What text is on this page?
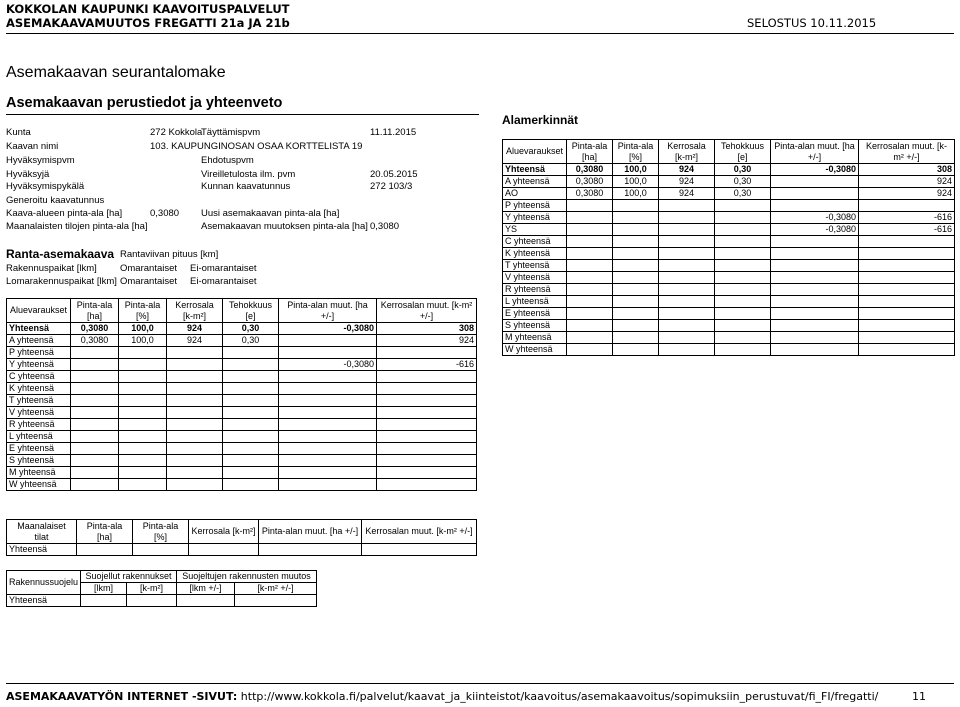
KOKKOLAN KAUPUNKI KAAVOITUSPALVELUT
ASEMAKAAVAMUUTOS FREGATTI 21a JA 21b	SELOSTUS 10.11.2015
Asemakaavan seurantalomake
Asemakaavan perustiedot ja yhteenveto
Kunta	272 Kokkola
Täyttämispvm	11.11.2015
Kaavan nimi	103. KAUPUNGINOSAN OSAA KORTTELISTA 19
Hyväksymispvm	Ehdotuspvm
Hyväksyjä	Vireilletulosta ilm. pvm	20.05.2015
Hyväksymispykälä	Kunnan kaavatunnus	272 103/3
Generoitu kaavatunnus
Kaava-alueen pinta-ala [ha]	0,3080 Uusi asemakaavan pinta-ala [ha]
Maanalaisten tilojen pinta-ala [ha]	Asemakaavan muutoksen pinta-ala [ha] 0,3080
Ranta-asemakaava Rantaviivan pituus [km]
Rakennuspaikat [lkm] Omarantaiset Ei-omarantaiset
Lomarakennuspaikat [lkm] Omarantaiset Ei-omarantaiset
Aluevaraukset	Pinta-ala [ha]	Pinta-ala [%]	Kerrosala [k-m²]	Tehokkuus [e]	Pinta-alan muut. [ha +/-]	Kerrosalan muut. [k-m² +/-]
Yhteensä	0,3080	100,0	924	0,30	-0,3080	308
A yhteensä	0,3080	100,0	924	0,30		924
P yhteensä						
Y yhteensä					-0,3080	-616
C yhteensä						
K yhteensä						
T yhteensä						
V yhteensä						
R yhteensä						
L yhteensä						
E yhteensä						
S yhteensä						
M yhteensä						
W yhteensä						
Maanalaiset tilat	Pinta-ala [ha]	Pinta-ala [%]	Kerrosala [k-m²]	Pinta-alan muut. [ha +/-]	Kerrosalan muut. [k-m² +/-]
Yhteensä					
Rakennussuojelu	Suojellut rakennukset		Suojeltujen rakennusten muutos	
	[lkm]	[k-m²]	[lkm +/-]	[k-m² +/-]
Yhteensä				
Alamerkinnät
Aluevaraukset	Pinta-ala [ha]	Pinta-ala [%]	Kerrosala [k-m²]	Tehokkuus [e]	Pinta-alan muut. [ha +/-]	Kerrosalan muut. [k-m² +/-]
Yhteensä	0,3080	100,0	924	0,30	-0,3080	308
A yhteensä	0,3080	100,0	924	0,30		924
AO	0,3080	100,0	924	0,30		924
P yhteensä						
Y yhteensä					-0,3080	-616
YS					-0,3080	-616
C yhteensä						
K yhteensä						
T yhteensä						
V yhteensä						
R yhteensä						
L yhteensä						
E yhteensä						
S yhteensä						
M yhteensä						
W yhteensä						
ASEMAKAAVATYÖN INTERNET -SIVUT: http://www.kokkola.fi/palvelut/kaavat_ja_kiinteistot/kaavoitus/asemakaavoitus/sopimuksiin_perustuvat/fi_FI/fregatti/	11
